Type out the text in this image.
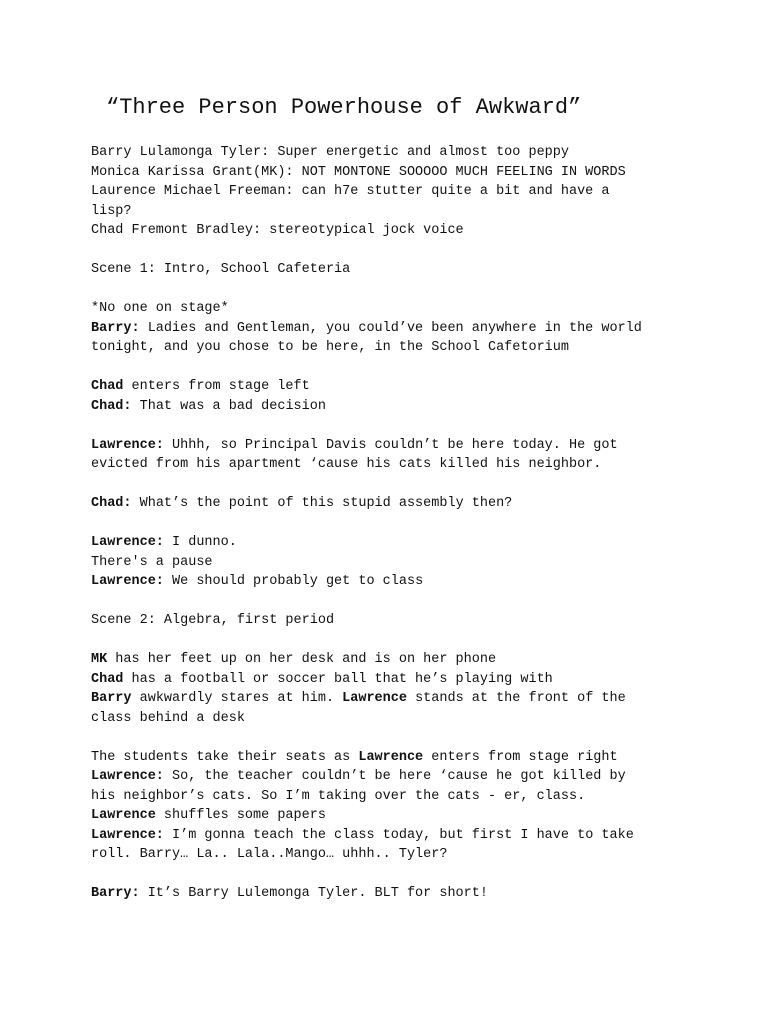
“Three Person Powerhouse of Awkward”
Barry Lulamonga Tyler: Super energetic and almost too peppy
Monica Karissa Grant(MK): NOT MONTONE SOOOOO MUCH FEELING IN WORDS
Laurence Michael Freeman: can h7e stutter quite a bit and have a
lisp?
Chad Fremont Bradley: stereotypical jock voice
Scene 1: Intro, School Cafeteria
*No one on stage*
Barry: Ladies and Gentleman, you could’ve been anywhere in the world
tonight, and you chose to be here, in the School Cafetorium
Chad enters from stage left
Chad: That was a bad decision
Lawrence: Uhhh, so Principal Davis couldn’t be here today. He got
evicted from his apartment ‘cause his cats killed his neighbor.
Chad: What’s the point of this stupid assembly then?
Lawrence: I dunno.
There's a pause
Lawrence: We should probably get to class
Scene 2: Algebra, first period
MK has her feet up on her desk and is on her phone
Chad has a football or soccer ball that he’s playing with
Barry awkwardly stares at him. Lawrence stands at the front of the
class behind a desk
The students take their seats as Lawrence enters from stage right
Lawrence: So, the teacher couldn’t be here ‘cause he got killed by
his neighbor’s cats. So I’m taking over the cats - er, class.
Lawrence shuffles some papers
Lawrence: I’m gonna teach the class today, but first I have to take
roll. Barry… La.. Lala..Mango… uhhh.. Tyler?
Barry: It’s Barry Lulemonga Tyler. BLT for short!
